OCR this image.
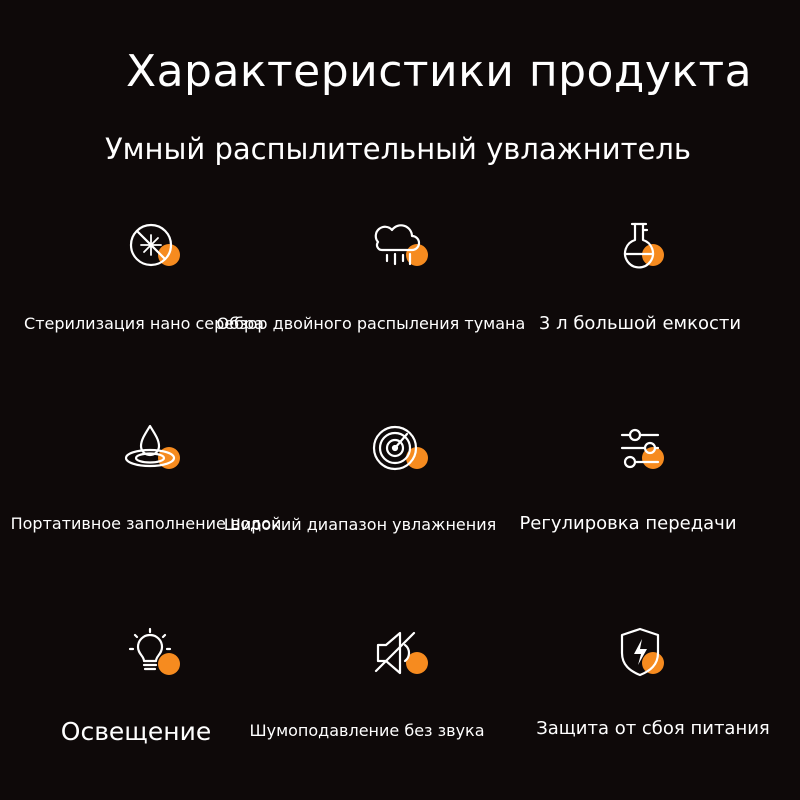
Характеристики продукта
Умный распылительный увлажнитель
Стерилизация нано серебра
Обзор двойного распыления тумана 3 л большой емкости
Портативное заполнение водой
Широкий диапазон увлажнения	Регулировка передачи
Освещение	Шумоподавление без звука	Защита от сбоя питания
